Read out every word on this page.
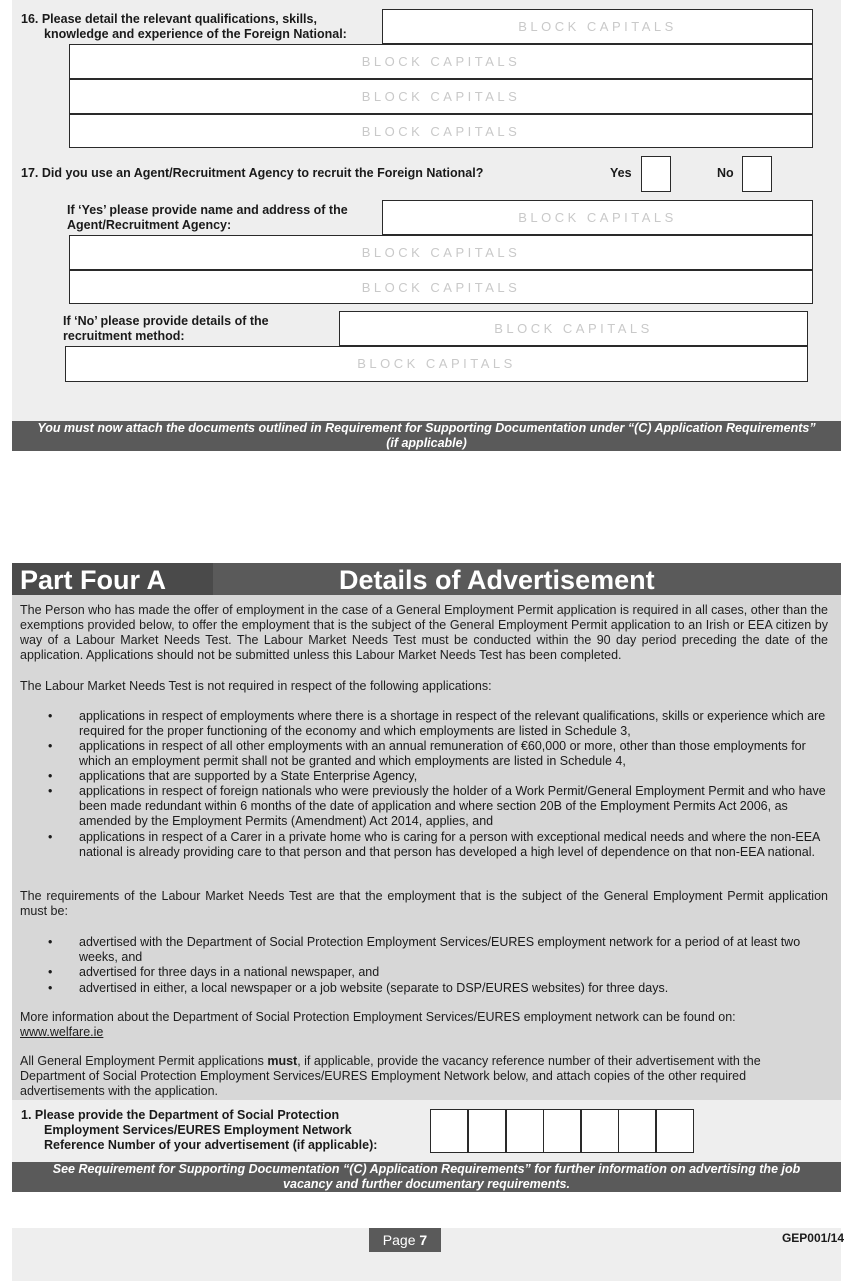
16. Please detail the relevant qualifications, skills,
knowledge and experience of the Foreign National:	BLOCK CAPITALS
BLOCK CAPITALS
BLOCK CAPITALS
BLOCK CAPITALS
17. Did you use an Agent/Recruitment Agency to recruit the Foreign National?	Yes	No
If ‘Yes’ please provide name and address of the
Agent/Recruitment Agency:	BLOCK CAPITALS
BLOCK CAPITALS
BLOCK CAPITALS
If ‘No’ please provide details of the
recruitment method:	BLOCK CAPITALS
BLOCK CAPITALS
You must now attach the documents outlined in Requirement for Supporting Documentation under “(C) Application Requirements”
(if applicable)
Part Four A	Details of Advertisement
The Person who has made the offer of employment in the case of a General Employment Permit application is required in all cases, other than the exemptions provided below, to offer the employment that is the subject of the General Employment Permit application to an Irish or EEA citizen by way of a Labour Market Needs Test. The Labour Market Needs Test must be conducted within the 90 day period preceding the date of the application. Applications should not be submitted unless this Labour Market Needs Test has been completed.
The Labour Market Needs Test is not required in respect of the following applications:
• applications in respect of employments where there is a shortage in respect of the relevant qualifications, skills or experience which are required for the proper functioning of the economy and which employments are listed in Schedule 3,
• applications in respect of all other employments with an annual remuneration of €60,000 or more, other than those employments for which an employment permit shall not be granted and which employments are listed in Schedule 4,
• applications that are supported by a State Enterprise Agency,
• applications in respect of foreign nationals who were previously the holder of a Work Permit/General Employment Permit and who have been made redundant within 6 months of the date of application and where section 20B of the Employment Permits Act 2006, as amended by the Employment Permits (Amendment) Act 2014, applies, and
• applications in respect of a Carer in a private home who is caring for a person with exceptional medical needs and where the non-EEA national is already providing care to that person and that person has developed a high level of dependence on that non-EEA national.
The requirements of the Labour Market Needs Test are that the employment that is the subject of the General Employment Permit application must be:
• advertised with the Department of Social Protection Employment Services/EURES employment network for a period of at least two weeks, and
• advertised for three days in a national newspaper, and
• advertised in either, a local newspaper or a job website (separate to DSP/EURES websites) for three days.
More information about the Department of Social Protection Employment Services/EURES employment network can be found on:
www.welfare.ie
All General Employment Permit applications must, if applicable, provide the vacancy reference number of their advertisement with the Department of Social Protection Employment Services/EURES Employment Network below, and attach copies of the other required advertisements with the application.
1. Please provide the Department of Social Protection
Employment Services/EURES Employment Network
Reference Number of your advertisement (if applicable):
See Requirement for Supporting Documentation “(C) Application Requirements” for further information on advertising the job
vacancy and further documentary requirements.
Page 7	GEP001/14
